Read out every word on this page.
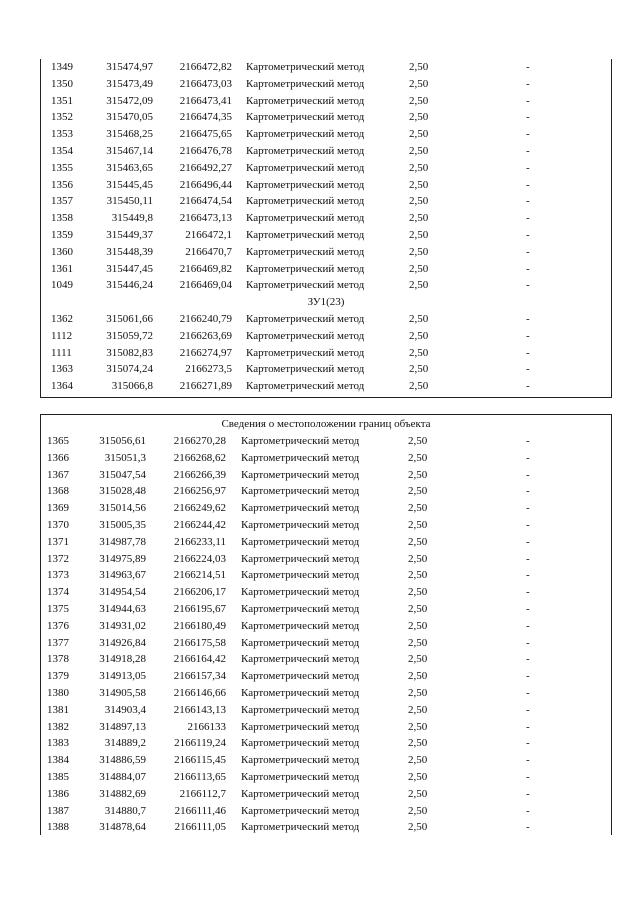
1349	315474,97	2166472,82 Картометрический метод	2,50	-
1350	315473,49	2166473,03 Картометрический метод	2,50	-
1351	315472,09	2166473,41 Картометрический метод	2,50	-
1352	315470,05	2166474,35 Картометрический метод	2,50	-
1353	315468,25	2166475,65 Картометрический метод	2,50	-
1354	315467,14	2166476,78 Картометрический метод	2,50	-
1355	315463,65	2166492,27 Картометрический метод	2,50	-
1356	315445,45	2166496,44 Картометрический метод	2,50	-
1357	315450,11	2166474,54 Картометрический метод	2,50	-
1358	315449,8	2166473,13 Картометрический метод	2,50	-
1359	315449,37	2166472,1 Картометрический метод	2,50	-
1360	315448,39	2166470,7 Картометрический метод	2,50	-
1361	315447,45	2166469,82 Картометрический метод	2,50	-
1049	315446,24	2166469,04 Картометрический метод	2,50	-
ЗУ1(23)
1362	315061,66	2166240,79 Картометрический метод	2,50	-
1112	315059,72	2166263,69 Картометрический метод	2,50	-
1111	315082,83	2166274,97 Картометрический метод	2,50	-
1363	315074,24	2166273,5 Картометрический метод	2,50	-
1364	315066,8	2166271,89 Картометрический метод	2,50	-
Сведения о местоположении границ объекта
1365	315056,61	2166270,28 Картометрический метод	2,50	-
1366	315051,3	2166268,62 Картометрический метод	2,50	-
1367	315047,54	2166266,39 Картометрический метод	2,50	-
1368	315028,48	2166256,97 Картометрический метод	2,50	-
1369	315014,56	2166249,62 Картометрический метод	2,50	-
1370	315005,35	2166244,42 Картометрический метод	2,50	-
1371	314987,78	2166233,11 Картометрический метод	2,50	-
1372	314975,89	2166224,03 Картометрический метод	2,50	-
1373	314963,67	2166214,51 Картометрический метод	2,50	-
1374	314954,54	2166206,17 Картометрический метод	2,50	-
1375	314944,63	2166195,67 Картометрический метод	2,50	-
1376	314931,02	2166180,49 Картометрический метод	2,50	-
1377	314926,84	2166175,58 Картометрический метод	2,50	-
1378	314918,28	2166164,42 Картометрический метод	2,50	-
1379	314913,05	2166157,34 Картометрический метод	2,50	-
1380	314905,58	2166146,66 Картометрический метод	2,50	-
1381	314903,4	2166143,13 Картометрический метод	2,50	-
1382	314897,13	2166133 Картометрический метод	2,50	-
1383	314889,2	2166119,24 Картометрический метод	2,50	-
1384	314886,59	2166115,45 Картометрический метод	2,50	-
1385	314884,07	2166113,65 Картометрический метод	2,50	-
1386	314882,69	2166112,7 Картометрический метод	2,50	-
1387	314880,7	2166111,46 Картометрический метод	2,50	-
1388	314878,64	2166111,05 Картометрический метод	2,50	-
